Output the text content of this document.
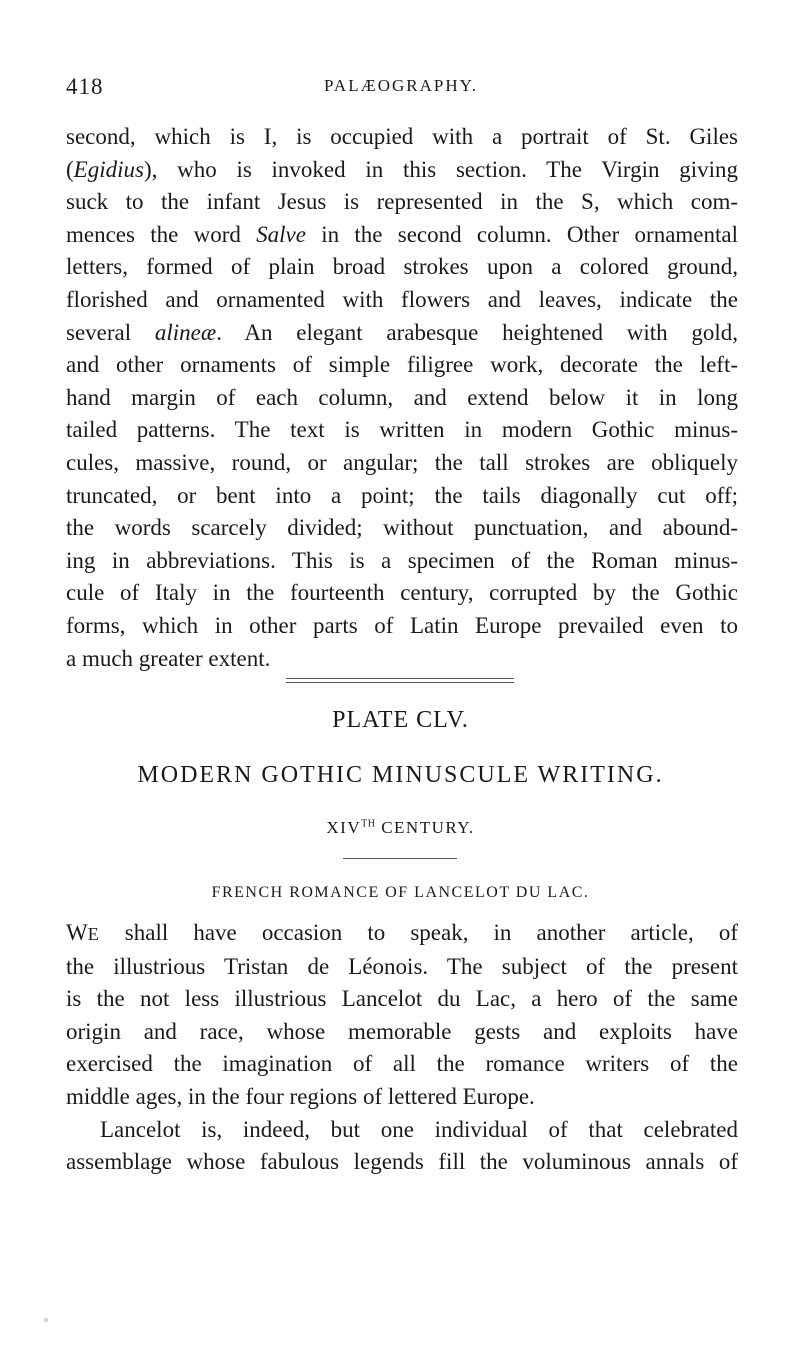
418	PALÆOGRAPHY.

second, which is I, is occupied with a portrait of St. Giles
(Egidius), who is invoked in this section. The Virgin giving
suck to the infant Jesus is represented in the S, which com-
mences the word Salve in the second column. Other ornamental
letters, formed of plain broad strokes upon a colored ground,
florished and ornamented with flowers and leaves, indicate the
several alineæ. An elegant arabesque heightened with gold,
and other ornaments of simple filigree work, decorate the left-
hand margin of each column, and extend below it in long
tailed patterns. The text is written in modern Gothic minus-
cules, massive, round, or angular; the tall strokes are obliquely
truncated, or bent into a point; the tails diagonally cut off;
the words scarcely divided; without punctuation, and abound-
ing in abbreviations. This is a specimen of the Roman minus-
cule of Italy in the fourteenth century, corrupted by the Gothic
forms, which in other parts of Latin Europe prevailed even to
a much greater extent.

PLATE CLV.
MODERN GOTHIC MINUSCULE WRITING.
XIVTH CENTURY.
FRENCH ROMANCE OF LANCELOT DU LAC.

WE shall have occasion to speak, in another article, of
the illustrious Tristan de Léonois. The subject of the present
is the not less illustrious Lancelot du Lac, a hero of the same
origin and race, whose memorable gests and exploits have
exercised the imagination of all the romance writers of the
middle ages, in the four regions of lettered Europe.

Lancelot is, indeed, but one individual of that celebrated
assemblage whose fabulous legends fill the voluminous annals of
